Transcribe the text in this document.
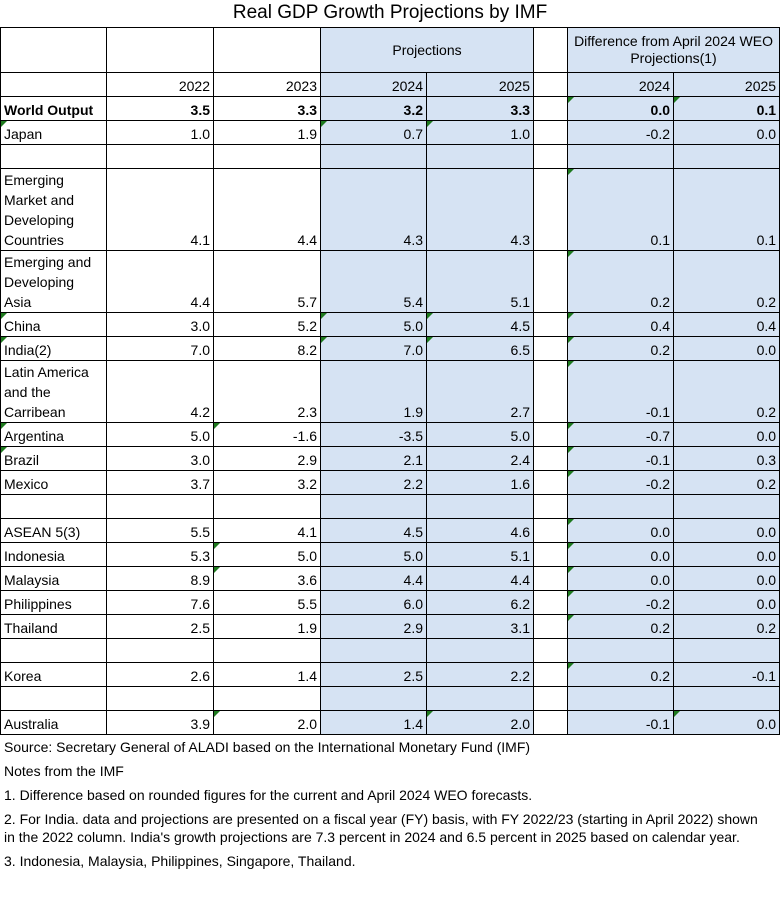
Real GDP Growth Projections by IMF							
			Projections			Difference from April 2024 WEO Projections(1)	
	2022	2023	2024	2025		2024	2025
World Output	3.5	3.3	3.2	3.3		0.0	0.1
Japan	1.0	1.9	0.7	1.0		-0.2	0.0

Emerging Market and Developing Countries	4.1	4.4	4.3	4.3		0.1	0.1
Emerging and Developing Asia	4.4	5.7	5.4	5.1		0.2	0.2
China	3.0	5.2	5.0	4.5		0.4	0.4
India(2)	7.0	8.2	7.0	6.5		0.2	0.0
Latin America and the Carribean	4.2	2.3	1.9	2.7		-0.1	0.2
Argentina	5.0	-1.6	-3.5	5.0		-0.7	0.0
Brazil	3.0	2.9	2.1	2.4		-0.1	0.3
Mexico	3.7	3.2	2.2	1.6		-0.2	0.2

ASEAN 5(3)	5.5	4.1	4.5	4.6		0.0	0.0
Indonesia	5.3	5.0	5.0	5.1		0.0	0.0
Malaysia	8.9	3.6	4.4	4.4		0.0	0.0
Philippines	7.6	5.5	6.0	6.2		-0.2	0.0
Thailand	2.5	1.9	2.9	3.1		0.2	0.2

Korea	2.6	1.4	2.5	2.2		0.2	-0.1

Australia	3.9	2.0	1.4	2.0		-0.1	0.0

Source: Secretary General of ALADI based on the International Monetary Fund (IMF)

Notes from the IMF

1. Difference based on rounded figures for the current and April 2024 WEO forecasts.

2. For India. data and projections are presented on a fiscal year (FY) basis, with FY 2022/23 (starting in April 2022) shown in the 2022 column. India's growth projections are 7.3 percent in 2024 and 6.5 percent in 2025 based on calendar year.

3. Indonesia, Malaysia, Philippines, Singapore, Thailand.
